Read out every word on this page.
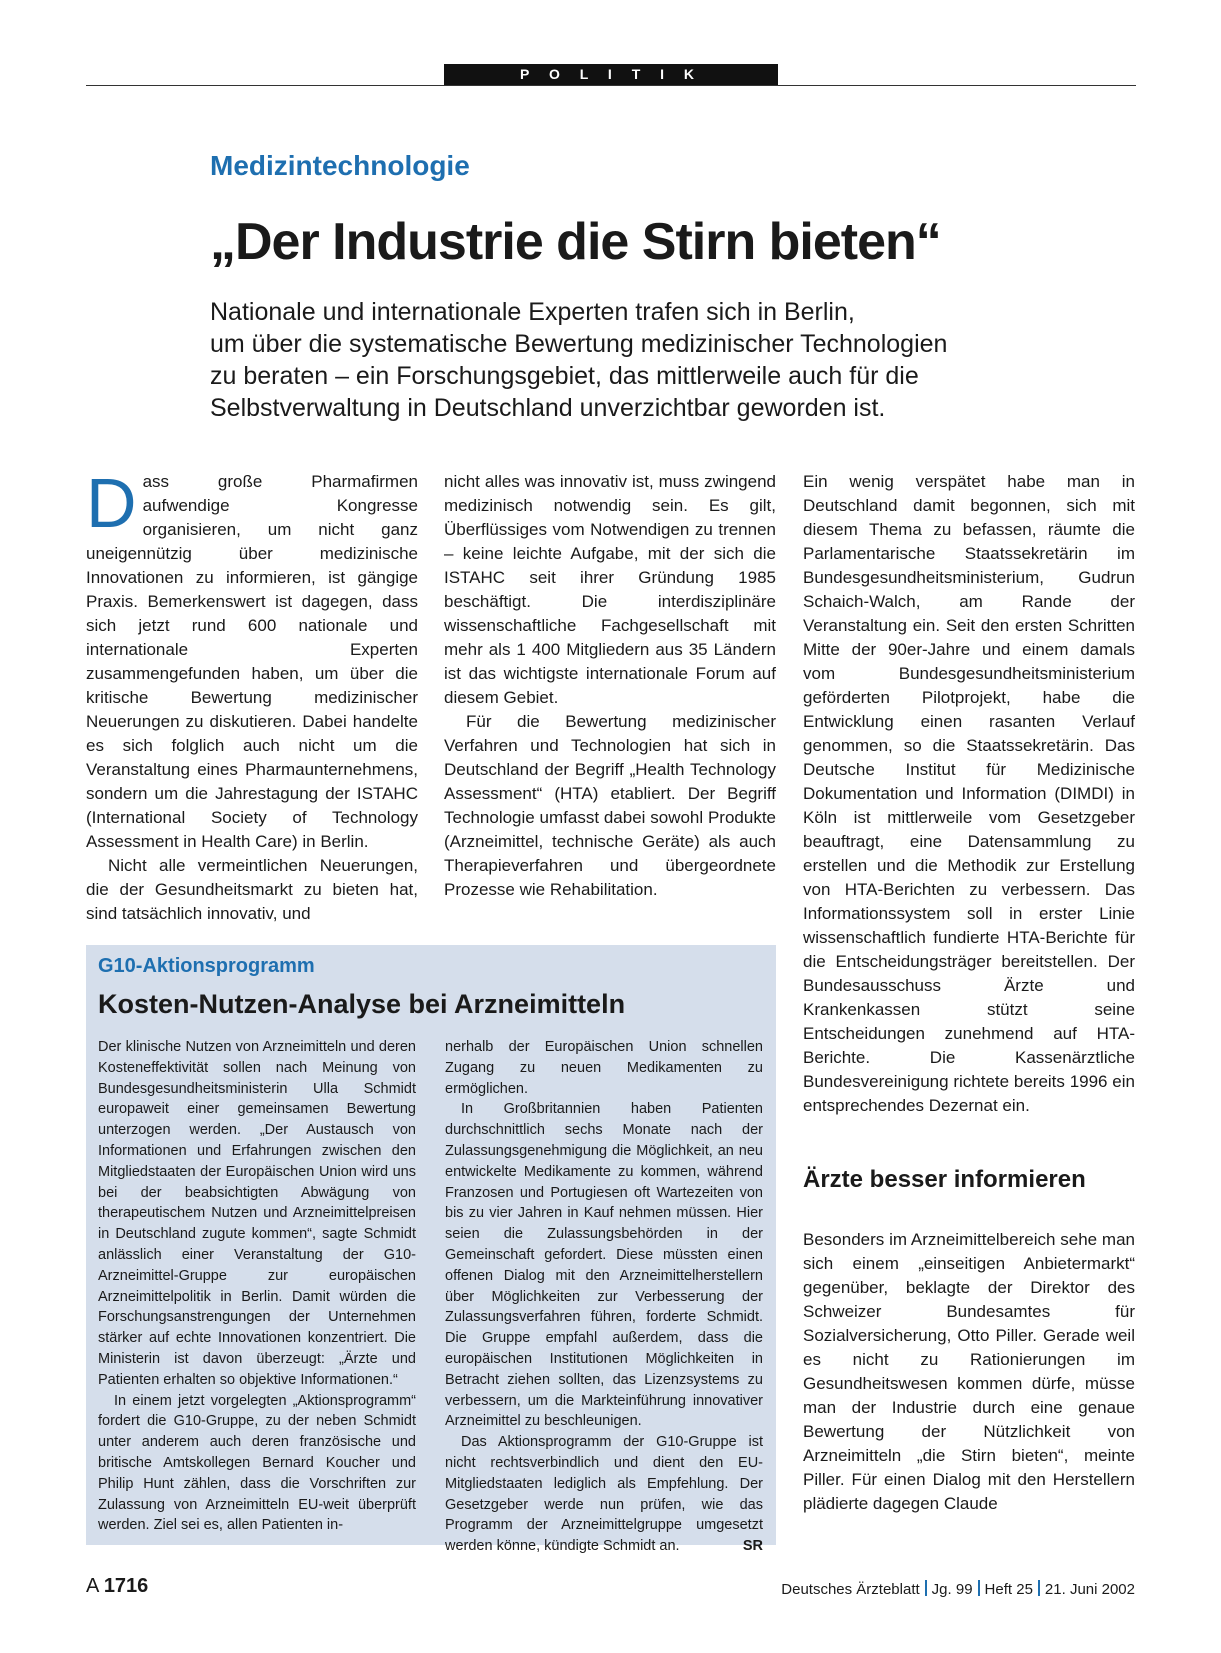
P O L I T I K
Medizintechnologie
„Der Industrie die Stirn bieten“

Nationale und internationale Experten trafen sich in Berlin,

um über die systematische Bewertung medizinischer Technologien

zu beraten – ein Forschungsgebiet, das mittlerweile auch für die

Selbstverwaltung in Deutschland unverzichtbar geworden ist.

Dass große Pharmafirmen aufwendige Kongresse organisieren, um nicht ganz uneigennützig über medizinische Innovationen zu informieren, ist gängige Praxis. Bemerkenswert ist dagegen, dass sich jetzt rund 600 nationale und internationale Experten zusammengefunden haben, um über die kritische Bewertung medizinischer Neuerungen zu diskutieren. Dabei handelte es sich folglich auch nicht um die Veranstaltung eines Pharmaunternehmens, sondern um die Jahrestagung der ISTAHC (International Society of Technology Assessment in Health Care) in Berlin.

Nicht alle vermeintlichen Neuerungen, die der Gesundheitsmarkt zu bieten hat, sind tatsächlich innovativ, und

nicht alles was innovativ ist, muss zwingend medizinisch notwendig sein. Es gilt, Überflüssiges vom Notwendigen zu trennen – keine leichte Aufgabe, mit der sich die ISTAHC seit ihrer Gründung 1985 beschäftigt. Die interdisziplinäre wissenschaftliche Fachgesellschaft mit mehr als 1 400 Mitgliedern aus 35 Ländern ist das wichtigste internationale Forum auf diesem Gebiet.

Für die Bewertung medizinischer Verfahren und Technologien hat sich in Deutschland der Begriff „Health Technology Assessment“ (HTA) etabliert. Der Begriff Technologie umfasst dabei sowohl Produkte (Arzneimittel, technische Geräte) als auch Therapieverfahren und übergeordnete Prozesse wie Rehabilitation.

Ein wenig verspätet habe man in Deutschland damit begonnen, sich mit diesem Thema zu befassen, räumte die Parlamentarische Staatssekretärin im Bundesgesundheitsministerium, Gudrun Schaich-Walch, am Rande der Veranstaltung ein. Seit den ersten Schritten Mitte der 90er-Jahre und einem damals vom Bundesgesundheitsministerium geförderten Pilotprojekt, habe die Entwicklung einen rasanten Verlauf genommen, so die Staatssekretärin. Das Deutsche Institut für Medizinische Dokumentation und Information (DIMDI) in Köln ist mittlerweile vom Gesetzgeber beauftragt, eine Datensammlung zu erstellen und die Methodik zur Erstellung von HTA-Berichten zu verbessern. Das Informationssystem soll in erster Linie wissenschaftlich fundierte HTA-Berichte für die Entscheidungsträger bereitstellen. Der Bundesausschuss Ärzte und Krankenkassen stützt seine Entscheidungen zunehmend auf HTA-Berichte. Die Kassenärztliche Bundesvereinigung richtete bereits 1996 ein entsprechendes Dezernat ein.

Ärzte besser informieren

Besonders im Arzneimittelbereich sehe man sich einem „einseitigen Anbietermarkt“ gegenüber, beklagte der Direktor des Schweizer Bundesamtes für Sozialversicherung, Otto Piller. Gerade weil es nicht zu Rationierungen im Gesundheitswesen kommen dürfe, müsse man der Industrie durch eine genaue Bewertung der Nützlichkeit von Arzneimitteln „die Stirn bieten“, meinte Piller. Für einen Dialog mit den Herstellern plädierte dagegen Claude

G10-Aktionsprogramm
Kosten-Nutzen-Analyse bei Arzneimitteln

Der klinische Nutzen von Arzneimitteln und deren Kosteneffektivität sollen nach Meinung von Bundesgesundheitsministerin Ulla Schmidt europaweit einer gemeinsamen Bewertung unterzogen werden. „Der Austausch von Informationen und Erfahrungen zwischen den Mitgliedstaaten der Europäischen Union wird uns bei der beabsichtigten Abwägung von therapeutischem Nutzen und Arzneimittelpreisen in Deutschland zugute kommen“, sagte Schmidt anlässlich einer Veranstaltung der G10-Arzneimittel-Gruppe zur europäischen Arzneimittelpolitik in Berlin. Damit würden die Forschungsanstrengungen der Unternehmen stärker auf echte Innovationen konzentriert. Die Ministerin ist davon überzeugt: „Ärzte und Patienten erhalten so objektive Informationen.“

In einem jetzt vorgelegten „Aktionsprogramm“ fordert die G10-Gruppe, zu der neben Schmidt unter anderem auch deren französische und britische Amtskollegen Bernard Koucher und Philip Hunt zählen, dass die Vorschriften zur Zulassung von Arzneimitteln EU-weit überprüft werden. Ziel sei es, allen Patienten in-

nerhalb der Europäischen Union schnellen Zugang zu neuen Medikamenten zu ermöglichen.

In Großbritannien haben Patienten durchschnittlich sechs Monate nach der Zulassungsgenehmigung die Möglichkeit, an neu entwickelte Medikamente zu kommen, während Franzosen und Portugiesen oft Wartezeiten von bis zu vier Jahren in Kauf nehmen müssen. Hier seien die Zulassungsbehörden in der Gemeinschaft gefordert. Diese müssten einen offenen Dialog mit den Arzneimittelherstellern über Möglichkeiten zur Verbesserung der Zulassungsverfahren führen, forderte Schmidt. Die Gruppe empfahl außerdem, dass die europäischen Institutionen Möglichkeiten in Betracht ziehen sollten, das Lizenzsystems zu verbessern, um die Markteinführung innovativer Arzneimittel zu beschleunigen.

Das Aktionsprogramm der G10-Gruppe ist nicht rechtsverbindlich und dient den EU-Mitgliedstaaten lediglich als Empfehlung. Der Gesetzgeber werde nun prüfen, wie das Programm der Arzneimittelgruppe umgesetzt werden könne, kündigte Schmidt an.	SR

A 1716	Deutsches Ärzteblatt Jg. 99 Heft 25 21. Juni 2002
